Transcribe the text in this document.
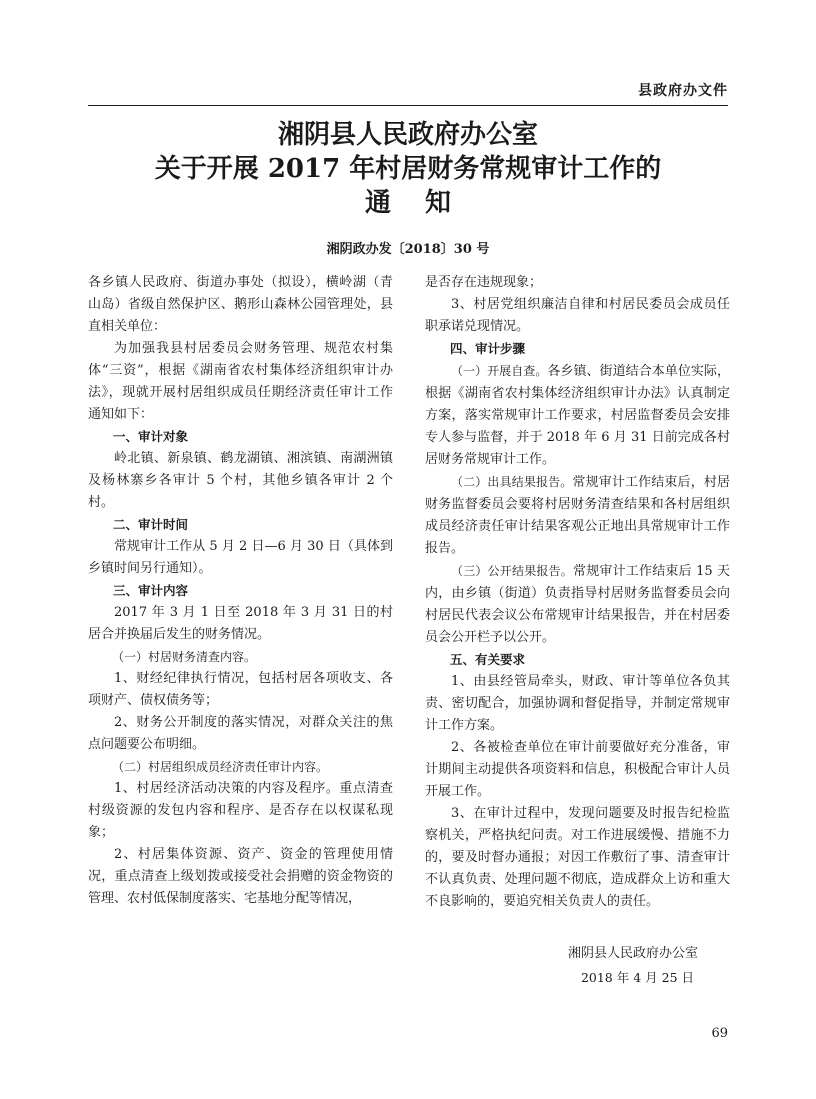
县政府办文件

湘阴县人民政府办公室

关于开展 2017 年村居财务常规审计工作的

通知

湘阴政办发〔2018〕30 号

各乡镇人民政府、街道办事处（拟设），横岭湖（青山岛）省级自然保护区、鹅形山森林公园管理处，县直相关单位：

为加强我县村居委员会财务管理、规范农村集体“三资”，根据《湖南省农村集体经济组织审计办法》，现就开展村居组织成员任期经济责任审计工作通知如下：

一、审计对象

岭北镇、新泉镇、鹤龙湖镇、湘滨镇、南湖洲镇及杨林寨乡各审计 5 个村，其他乡镇各审计 2 个村。

二、审计时间

常规审计工作从 5 月 2 日—6 月 30 日（具体到乡镇时间另行通知）。

三、审计内容

2017 年 3 月 1 日至 2018 年 3 月 31 日的村居合并换届后发生的财务情况。

（一）村居财务清查内容。

1、财经纪律执行情况，包括村居各项收支、各项财产、债权债务等；

2、财务公开制度的落实情况，对群众关注的焦点问题要公布明细。

（二）村居组织成员经济责任审计内容。

1、村居经济活动决策的内容及程序。重点清查村级资源的发包内容和程序、是否存在以权谋私现象；

2、村居集体资源、资产、资金的管理使用情况，重点清查上级划拨或接受社会捐赠的资金物资的管理、农村低保制度落实、宅基地分配等情况，

是否存在违规现象；

3、村居党组织廉洁自律和村居民委员会成员任职承诺兑现情况。

四、审计步骤

（一）开展自查。各乡镇、街道结合本单位实际，根据《湖南省农村集体经济组织审计办法》认真制定方案，落实常规审计工作要求，村居监督委员会安排专人参与监督，并于 2018 年 6 月 31 日前完成各村居财务常规审计工作。

（二）出具结果报告。常规审计工作结束后，村居财务监督委员会要将村居财务清查结果和各村居组织成员经济责任审计结果客观公正地出具常规审计工作报告。

（三）公开结果报告。常规审计工作结束后 15 天内，由乡镇（街道）负责指导村居财务监督委员会向村居民代表会议公布常规审计结果报告，并在村居委员会公开栏予以公开。

五、有关要求

1、由县经管局牵头，财政、审计等单位各负其责、密切配合，加强协调和督促指导，并制定常规审计工作方案。

2、各被检查单位在审计前要做好充分准备，审计期间主动提供各项资料和信息，积极配合审计人员开展工作。

3、在审计过程中，发现问题要及时报告纪检监察机关，严格执纪问责。对工作进展缓慢、措施不力的，要及时督办通报；对因工作敷衍了事、清查审计不认真负责、处理问题不彻底，造成群众上访和重大不良影响的，要追究相关负责人的责任。

湘阴县人民政府办公室
2018 年 4 月 25 日
69
